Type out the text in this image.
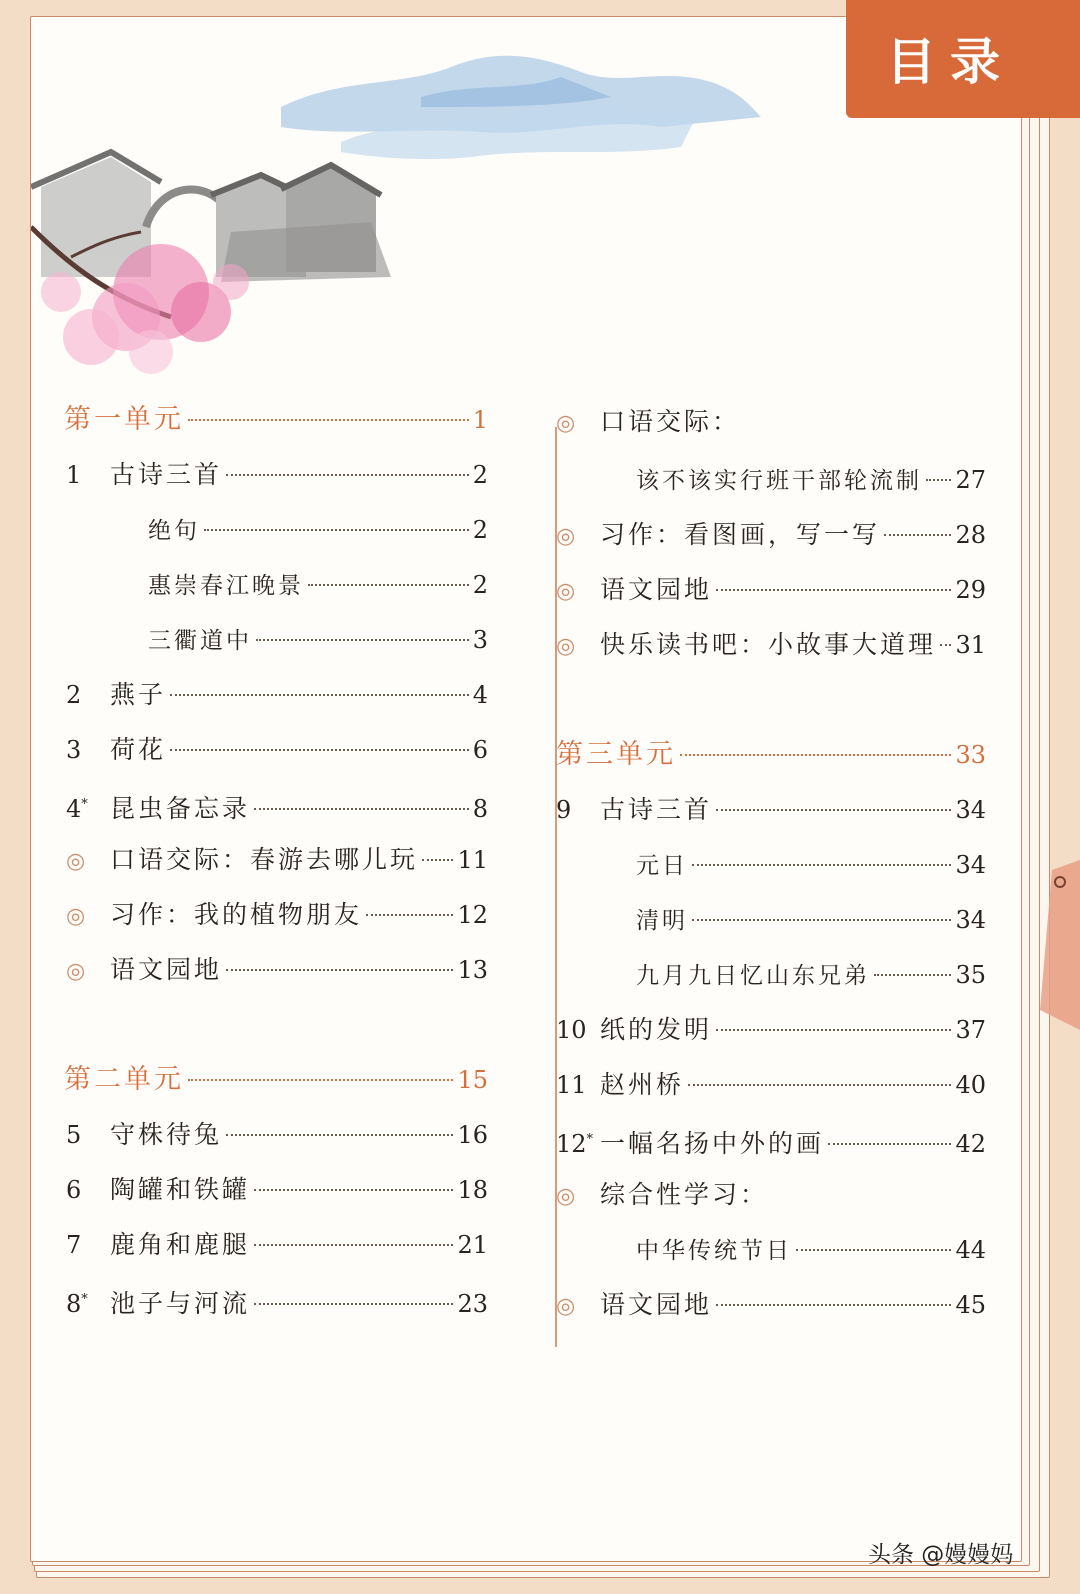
目录
第一单元	1
1	古诗三首	2
绝句	2
惠崇春江晚景	2
三衢道中	3
2	燕子	4
3	荷花	6
4* 昆虫备忘录	8
◎ 口语交际：春游去哪儿玩 11
◎ 习作：我的植物朋友	12
◎ 语文园地	13
第二单元	15
5	守株待兔	16
6	陶罐和铁罐	18
7	鹿角和鹿腿	21
8* 池子与河流	23
◎ 口语交际：
该不该实行班干部轮流制 27
◎ 习作：看图画，写一写	28
◎ 语文园地	29
◎ 快乐读书吧：小故事大道理 31
第三单元	33
9	古诗三首	34
元日	34
清明	34
九月九日忆山东兄弟	35
10 纸的发明	37
11 赵州桥	40
12* 一幅名扬中外的画	42
◎ 综合性学习：
中华传统节日	44
◎ 语文园地	45
头条 @嫚嫚妈
